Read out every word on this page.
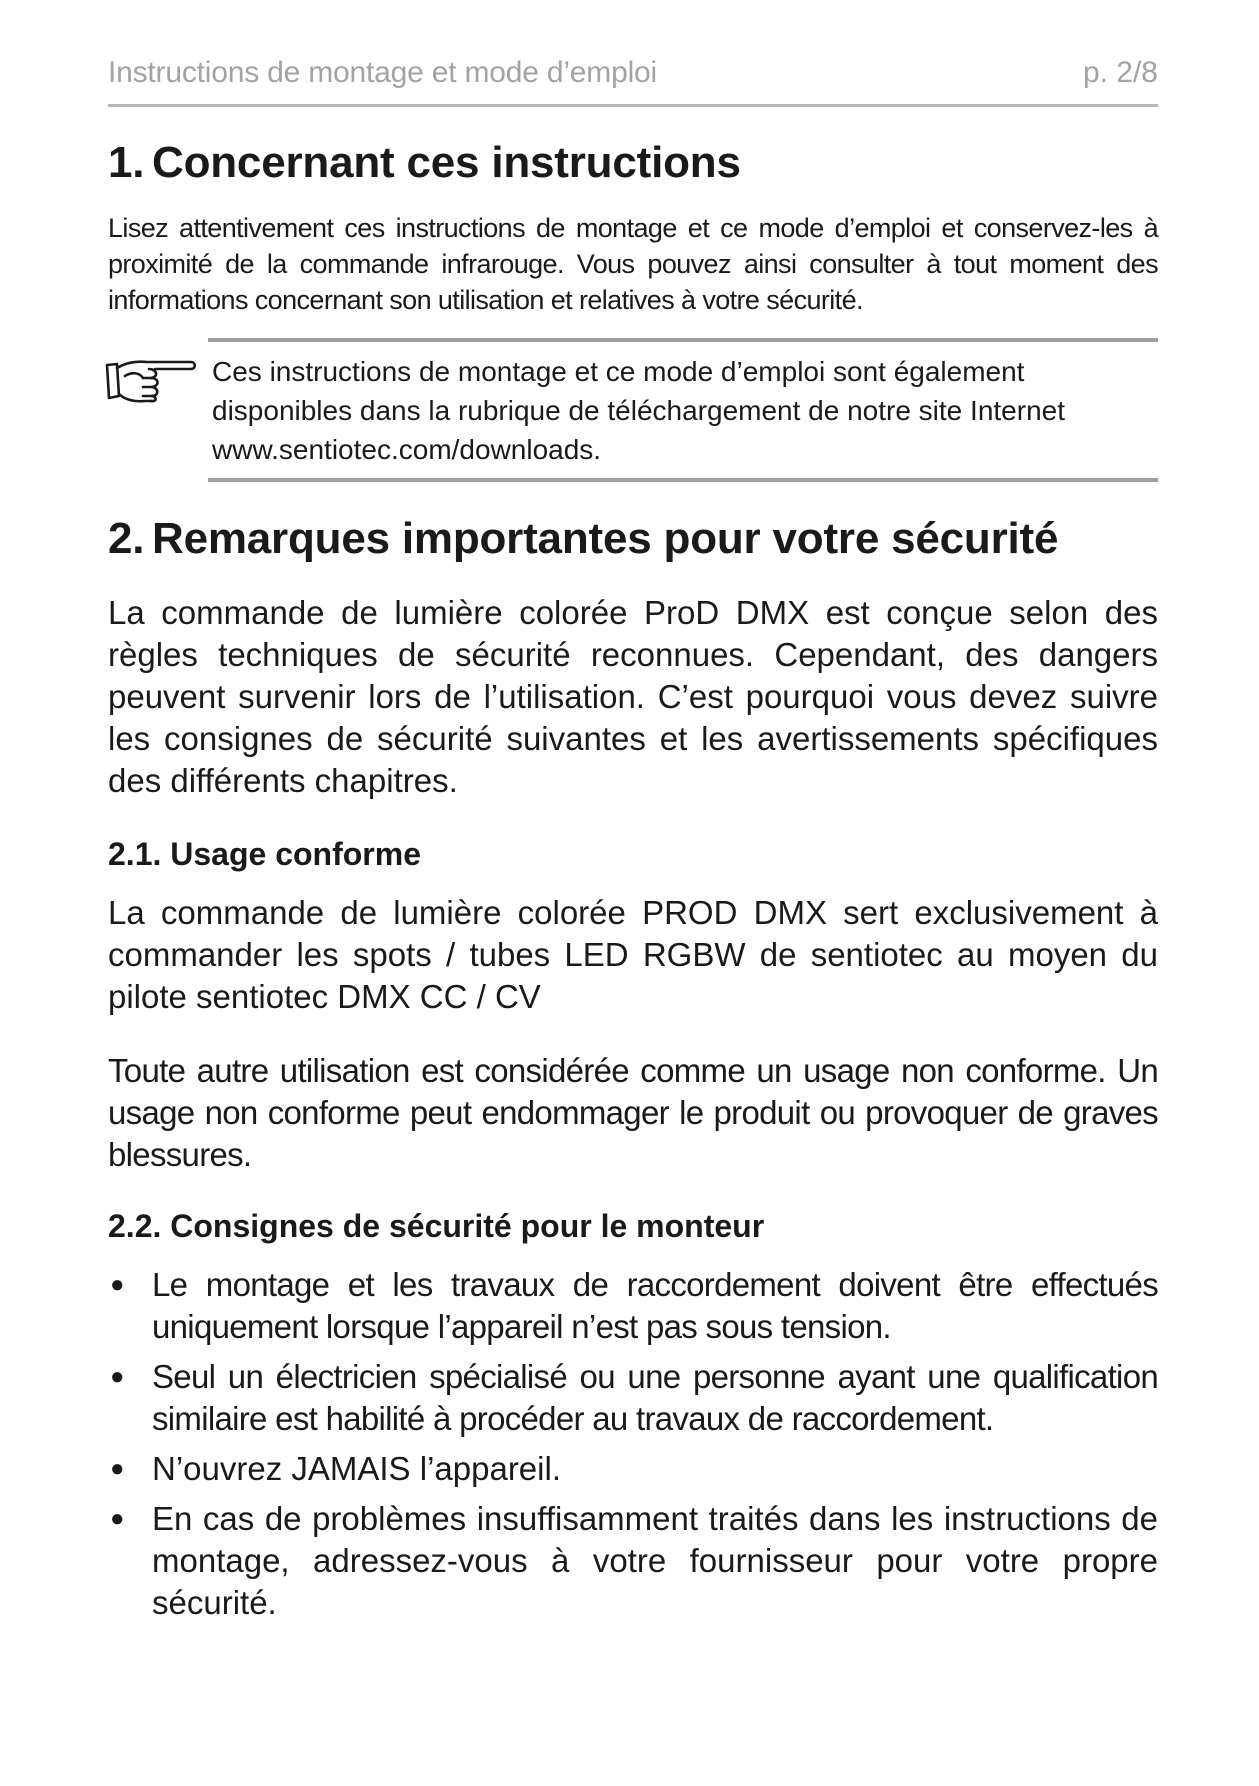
Instructions de montage et mode d’emploi	p. 2/8
1. Concernant ces instructions

Lisez attentivement ces instructions de montage et ce mode d’emploi et conservez-les à proximité de la commande infrarouge. Vous pouvez ainsi consulter à tout moment des informations concernant son utilisation et relatives à votre sécurité.

Ces instructions de montage et ce mode d’emploi sont également disponibles dans la rubrique de téléchargement de notre site Internet www.sentiotec.com/downloads.

2. Remarques importantes pour votre sécurité

La commande de lumière colorée ProD DMX est conçue selon des règles techniques de sécurité reconnues. Cependant, des dangers peuvent survenir lors de l’utilisation. C’est pourquoi vous devez suivre les consignes de sécurité suivantes et les avertissements spécifiques des différents chapitres.

2.1. Usage conforme

La commande de lumière colorée PROD DMX sert exclusivement à commander les spots / tubes LED RGBW de sentiotec au moyen du pilote sentiotec DMX CC / CV

Toute autre utilisation est considérée comme un usage non conforme. Un usage non conforme peut endommager le produit ou provoquer de graves blessures.

2.2. Consignes de sécurité pour le monteur
● Le montage et les travaux de raccordement doivent être effectués uniquement lorsque l’appareil n’est pas sous tension.
● Seul un électricien spécialisé ou une personne ayant une qualification similaire est habilité à procéder au travaux de raccordement.
● N’ouvrez JAMAIS l’appareil.
● En cas de problèmes insuffisamment traités dans les instructions de montage, adressez-vous à votre fournisseur pour votre propre sécurité.
